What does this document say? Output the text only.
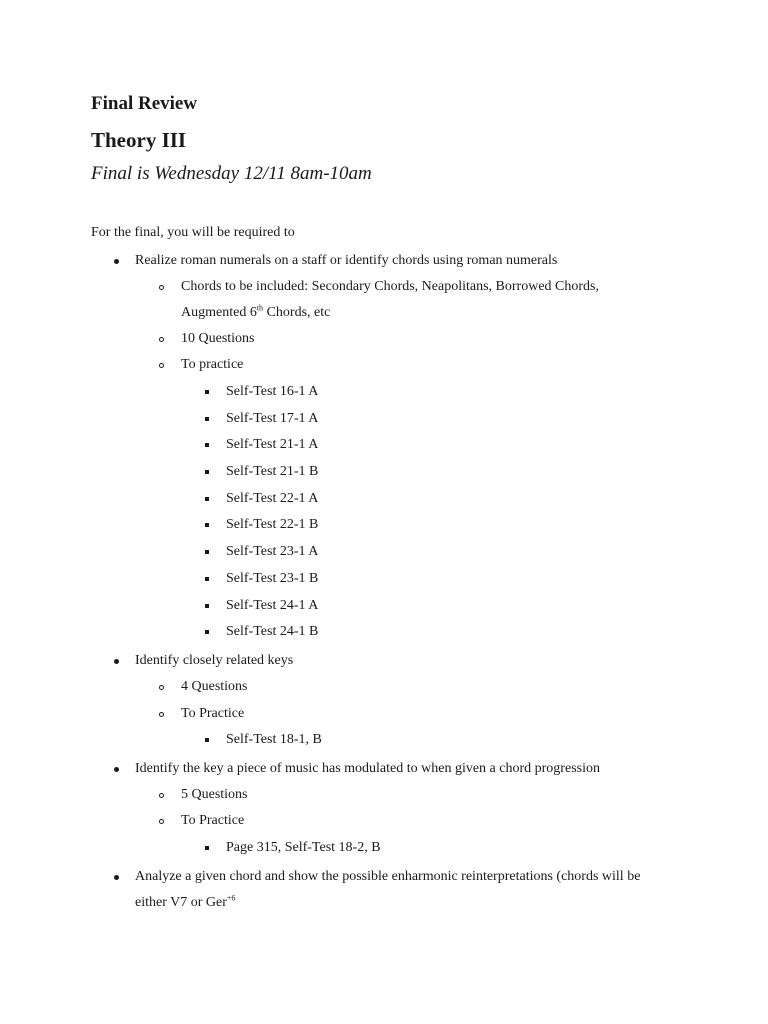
Final Review
Theory III

Final is Wednesday 12/11 8am-10am

For the final, you will be required to
Realize roman numerals on a staff or identify chords using roman numerals
Chords to be included: Secondary Chords, Neapolitans, Borrowed Chords,
Augmented 6th Chords, etc
10 Questions
To practice
Self-Test 16-1 A
Self-Test 17-1 A
Self-Test 21-1 A
Self-Test 21-1 B
Self-Test 22-1 A
Self-Test 22-1 B
Self-Test 23-1 A
Self-Test 23-1 B
Self-Test 24-1 A
Self-Test 24-1 B
Identify closely related keys
4 Questions
To Practice
Self-Test 18-1, B
Identify the key a piece of music has modulated to when given a chord progression
5 Questions
To Practice
Page 315, Self-Test 18-2, B
Analyze a given chord and show the possible enharmonic reinterpretations (chords will be
either V7 or Ger$^{+6}$
